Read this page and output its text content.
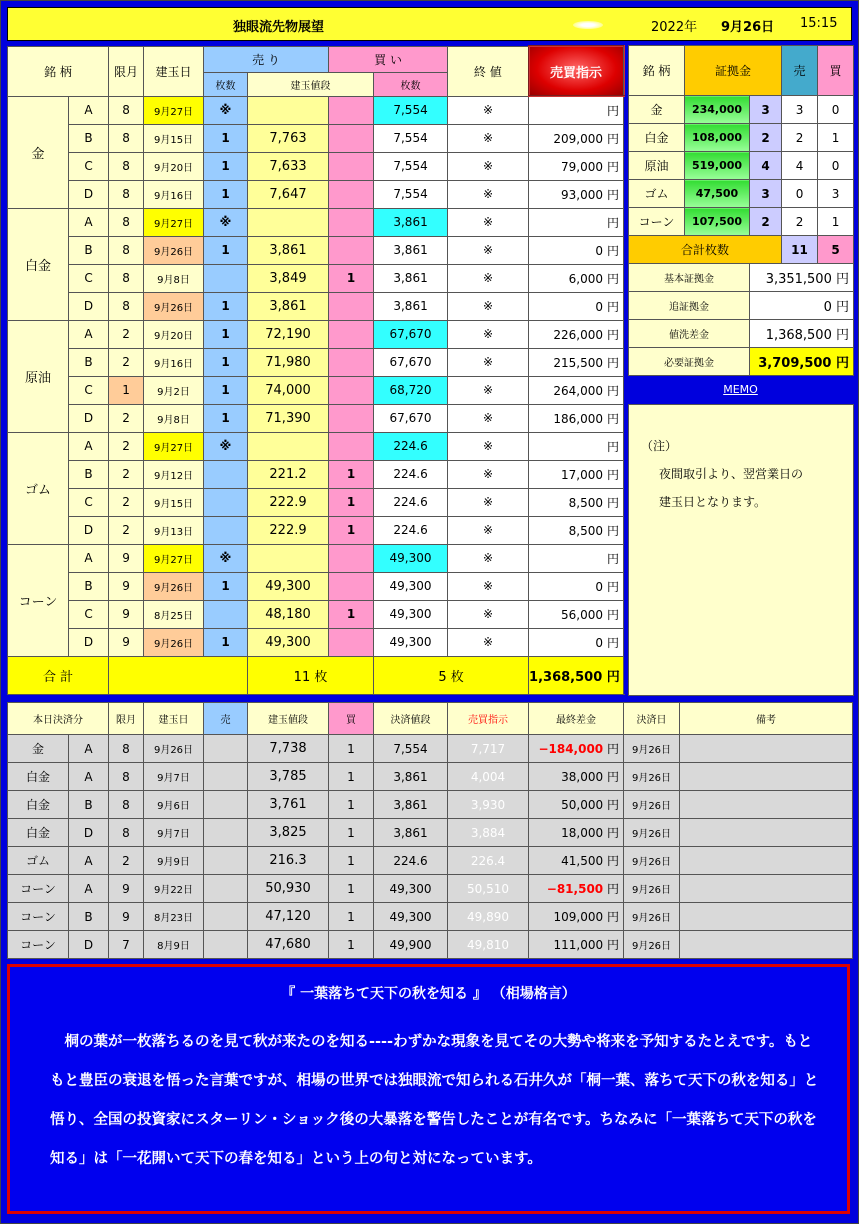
独眼流先物展望	2022年 9月26日 15:15
銘 柄		限月	建玉日	売 り		買 い		終 値	売買指示	
				枚数	建玉値段		枚数			
金	A	8	9月27日	※			7,554	※	円	
	B	8	9月15日	1	7,763		7,554	※	209,000 円	
	C	8	9月20日	1	7,633		7,554	※	79,000 円	
	D	8	9月16日	1	7,647		7,554	※	93,000 円	
白金	A	8	9月27日	※			3,861	※	円	
	B	8	9月26日	1	3,861		3,861	※	0 円	
	C	8	9月8日		3,849	1	3,861	※	6,000 円	
	D	8	9月26日	1	3,861		3,861	※	0 円	
原油	A	2	9月20日	1	72,190		67,670	※	226,000 円	
	B	2	9月16日	1	71,980		67,670	※	215,500 円	
	C	1	9月2日	1	74,000		68,720	※	264,000 円	
	D	2	9月8日	1	71,390		67,670	※	186,000 円	
ゴム	A	2	9月27日	※			224.6	※	円	
	B	2	9月12日		221.2	1	224.6	※	17,000 円	
	C	2	9月15日		222.9	1	224.6	※	8,500 円	
	D	2	9月13日		222.9	1	224.6	※	8,500 円	
コーン	A	9	9月27日	※			49,300	※	円	
	B	9	9月26日	1	49,300		49,300	※	0 円	
	C	9	8月25日		48,180	1	49,300	※	56,000 円	
	D	9	9月26日	1	49,300		49,300	※	0 円	
合 計					11 枚		5 枚		1,368,500 円	
銘 柄	証拠金		売	買
金	234,000	3	3	0
白金	108,000	2	2	1
原油	519,000	4	4	0
ゴム	47,500	3	0	3
コーン	107,500	2	2	1
合計枚数			11	5
基本証拠金		3,351,500 円		
追証拠金		0 円		
値洗差金		1,368,500 円		
必要証拠金		3,709,500 円		
MEMO
（注）
夜間取引より、翌営業日の
建玉日となります。
本日決済分		限月	建玉日	売	建玉値段	買	決済値段	売買指示	最終差金	決済日	備考
金	A	8	9月26日		7,738	1	7,554	7,717	−184,000 円	9月26日	
白金	A	8	9月7日		3,785	1	3,861	4,004	38,000 円	9月26日	
白金	B	8	9月6日		3,761	1	3,861	3,930	50,000 円	9月26日	
白金	D	8	9月7日		3,825	1	3,861	3,884	18,000 円	9月26日	
ゴム	A	2	9月9日		216.3	1	224.6	226.4	41,500 円	9月26日	
コーン	A	9	9月22日		50,930	1	49,300	50,510	−81,500 円	9月26日	
コーン	B	9	8月23日		47,120	1	49,300	49,890	109,000 円	9月26日	
コーン	D	7	8月9日		47,680	1	49,900	49,810	111,000 円	9月26日	
『 一葉落ちて天下の秋を知る 』 （相場格言）
　桐の葉が一枚落ちるのを見て秋が来たのを知る----わずかな現象を見てその大勢や将来を予知するたとえです。もともと豊臣の衰退を悟った言葉ですが、相場の世界では独眼流で知られる石井久が「桐一葉、落ちて天下の秋を知る」と悟り、全国の投資家にスターリン・ショック後の大暴落を警告したことが有名です。ちなみに「一葉落ちて天下の秋を知る」は「一花開いて天下の春を知る」という上の句と対になっています。
